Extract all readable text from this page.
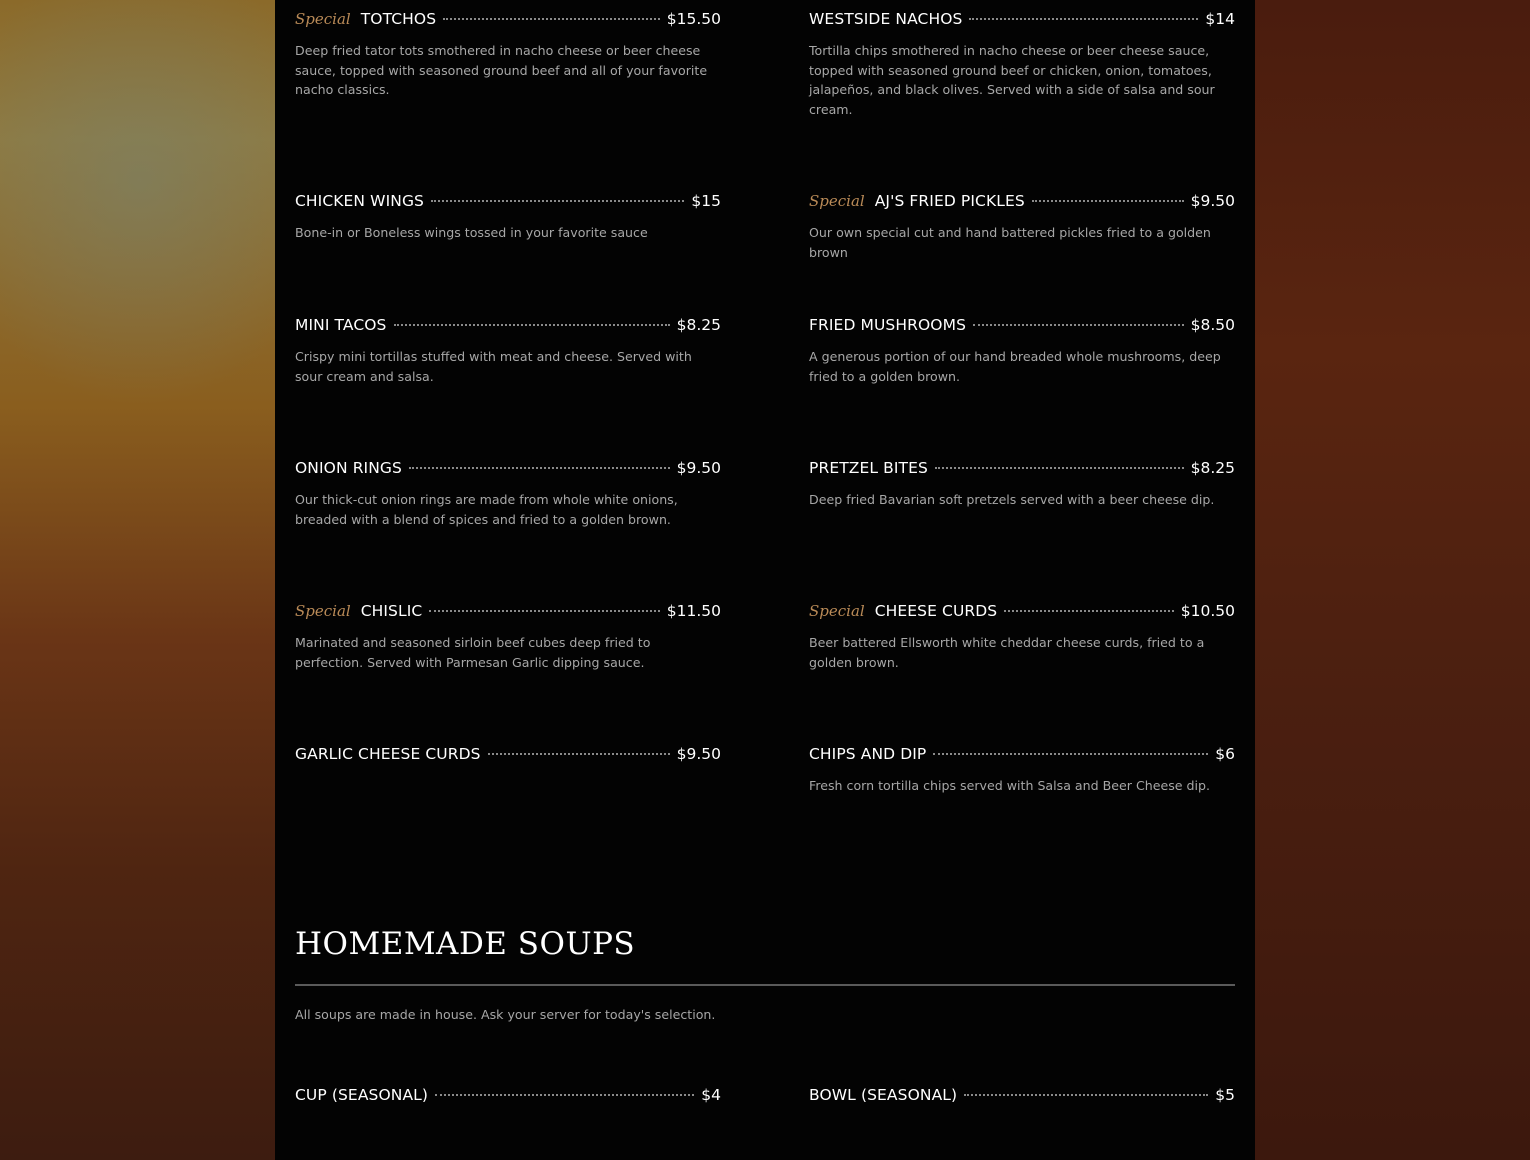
Special TOTCHOS	$15.50
Deep fried tator tots smothered in nacho cheese or beer cheese sauce, topped with seasoned ground beef and all of your favorite nacho classics.
WESTSIDE NACHOS	$14
Tortilla chips smothered in nacho cheese or beer cheese sauce, topped with seasoned ground beef or chicken, onion, tomatoes, jalapeños, and black olives. Served with a side of salsa and sour cream.
CHICKEN WINGS	$15
Bone-in or Boneless wings tossed in your favorite sauce
Special AJ'S FRIED PICKLES	$9.50
Our own special cut and hand battered pickles fried to a golden brown
MINI TACOS	$8.25
Crispy mini tortillas stuffed with meat and cheese. Served with sour cream and salsa.
FRIED MUSHROOMS	$8.50
A generous portion of our hand breaded whole mushrooms, deep fried to a golden brown.
ONION RINGS	$9.50
Our thick-cut onion rings are made from whole white onions, breaded with a blend of spices and fried to a golden brown.
PRETZEL BITES	$8.25
Deep fried Bavarian soft pretzels served with a beer cheese dip.
Special CHISLIC	$11.50
Marinated and seasoned sirloin beef cubes deep fried to perfection. Served with Parmesan Garlic dipping sauce.
Special CHEESE CURDS	$10.50
Beer battered Ellsworth white cheddar cheese curds, fried to a golden brown.
GARLIC CHEESE CURDS	$9.50	CHIPS AND DIP	$6
Fresh corn tortilla chips served with Salsa and Beer Cheese dip.
HOMEMADE SOUPS
All soups are made in house. Ask your server for today's selection.
CUP (SEASONAL)	$4	BOWL (SEASONAL)	$5
